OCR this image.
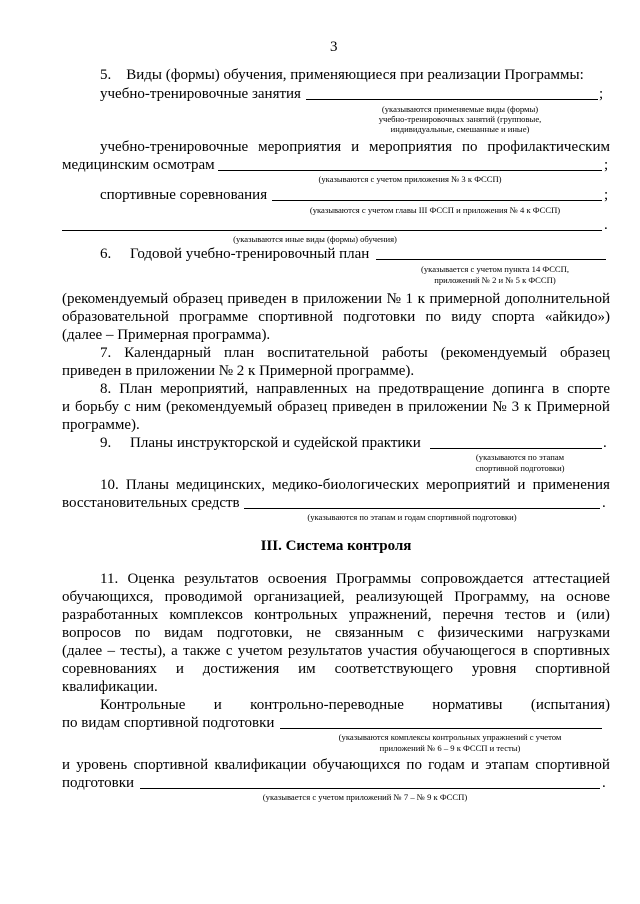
3
5.    Виды (формы) обучения, применяющиеся при реализации Программы:
учебно-тренировочные занятия	;
(указываются применяемые виды (формы)
учебно-тренировочных занятий (групповые,
индивидуальные, смешанные и иные)
учебно-тренировочные мероприятия и мероприятия по профилактическим
медицинским осмотрам	;
(указываются с учетом приложения № 3 к ФССП)
спортивные соревнования	;
(указываются с учетом главы III ФССП и приложения № 4 к ФССП)
.
(указываются иные виды (формы) обучения)
6.     Годовой учебно-тренировочный план
(указывается с учетом пункта 14 ФССП,
приложений № 2 и № 5 к ФССП)
(рекомендуемый образец приведен в приложении № 1 к примерной дополнительной
образовательной программе спортивной подготовки по виду спорта «айкидо»)
(далее – Примерная программа).
7. Календарный план воспитательной работы (рекомендуемый образец
приведен в приложении № 2 к Примерной программе).
8. План мероприятий, направленных на предотвращение допинга в спорте
и борьбу с ним (рекомендуемый образец приведен в приложении № 3 к Примерной
программе).
9.     Планы инструкторской и судейской практики	.
(указываются по этапам
спортивной подготовки)
10. Планы медицинских, медико-биологических мероприятий и применения
восстановительных средств	.
(указываются по этапам и годам спортивной подготовки)
III. Система контроля
11. Оценка результатов освоения Программы сопровождается аттестацией
обучающихся, проводимой организацией, реализующей Программу, на основе
разработанных комплексов контрольных упражнений, перечня тестов и (или)
вопросов по видам подготовки, не связанным с физическими нагрузками
(далее – тесты), а также с учетом результатов участия обучающегося в спортивных
соревнованиях и достижения им соответствующего уровня спортивной
квалификации.
Контрольные и контрольно-переводные нормативы (испытания)
по видам спортивной подготовки
(указываются комплексы контрольных упражнений с учетом
приложений № 6 – 9 к ФССП и тесты)
и уровень спортивной квалификации обучающихся по годам и этапам спортивной
подготовки	.
(указывается с учетом приложений № 7 – № 9 к ФССП)
